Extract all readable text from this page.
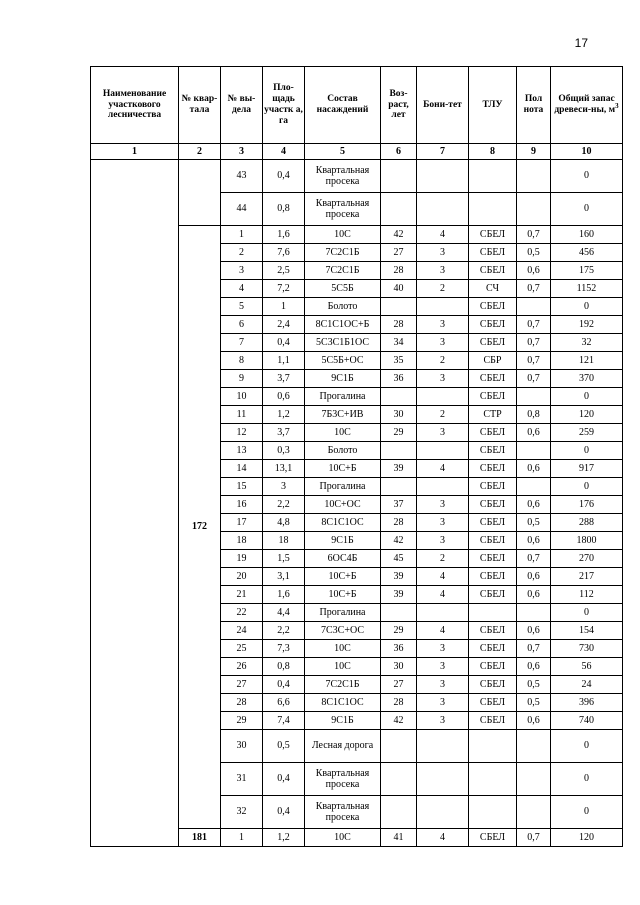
17
Наименование участкового лесничества	№ квар-тала	№ вы-дела	Пло-щадь участк а, га	Состав насаждений	Воз-раст, лет	Бони-тет	ТЛУ	Пол нота	Общий запас древеси-ны, $м^3$
1	2	3	4	5	6	7	8	9	10
		43	0,4	Квартальная просека					0
		44	0,8	Квартальная просека					0
	172	1	1,6	10С	42	4	СБЕЛ	0,7	160
		2	7,6	7С2С1Б	27	3	СБЕЛ	0,5	456
		3	2,5	7С2С1Б	28	3	СБЕЛ	0,6	175
		4	7,2	5С5Б	40	2	СЧ	0,7	1152
		5	1	Болото			СБЕЛ		0
		6	2,4	8С1С1ОС+Б	28	3	СБЕЛ	0,7	192
		7	0,4	5С3С1Б1ОС	34	3	СБЕЛ	0,7	32
		8	1,1	5С5Б+ОС	35	2	СБР	0,7	121
		9	3,7	9С1Б	36	3	СБЕЛ	0,7	370
		10	0,6	Прогалина			СБЕЛ		0
		11	1,2	7Б3С+ИВ	30	2	СТР	0,8	120
		12	3,7	10С	29	3	СБЕЛ	0,6	259
		13	0,3	Болото			СБЕЛ		0
		14	13,1	10С+Б	39	4	СБЕЛ	0,6	917
		15	3	Прогалина			СБЕЛ		0
		16	2,2	10С+ОС	37	3	СБЕЛ	0,6	176
		17	4,8	8С1С1ОС	28	3	СБЕЛ	0,5	288
		18	18	9С1Б	42	3	СБЕЛ	0,6	1800
		19	1,5	6ОС4Б	45	2	СБЕЛ	0,7	270
		20	3,1	10С+Б	39	4	СБЕЛ	0,6	217
		21	1,6	10С+Б	39	4	СБЕЛ	0,6	112
		22	4,4	Прогалина					0
		24	2,2	7С3С+ОС	29	4	СБЕЛ	0,6	154
		25	7,3	10С	36	3	СБЕЛ	0,7	730
		26	0,8	10С	30	3	СБЕЛ	0,6	56
		27	0,4	7С2С1Б	27	3	СБЕЛ	0,5	24
		28	6,6	8С1С1ОС	28	3	СБЕЛ	0,5	396
		29	7,4	9С1Б	42	3	СБЕЛ	0,6	740
		30	0,5	Лесная дорога					0
		31	0,4	Квартальная просека					0
		32	0,4	Квартальная просека					0
	181	1	1,2	10С	41	4	СБЕЛ	0,7	120
